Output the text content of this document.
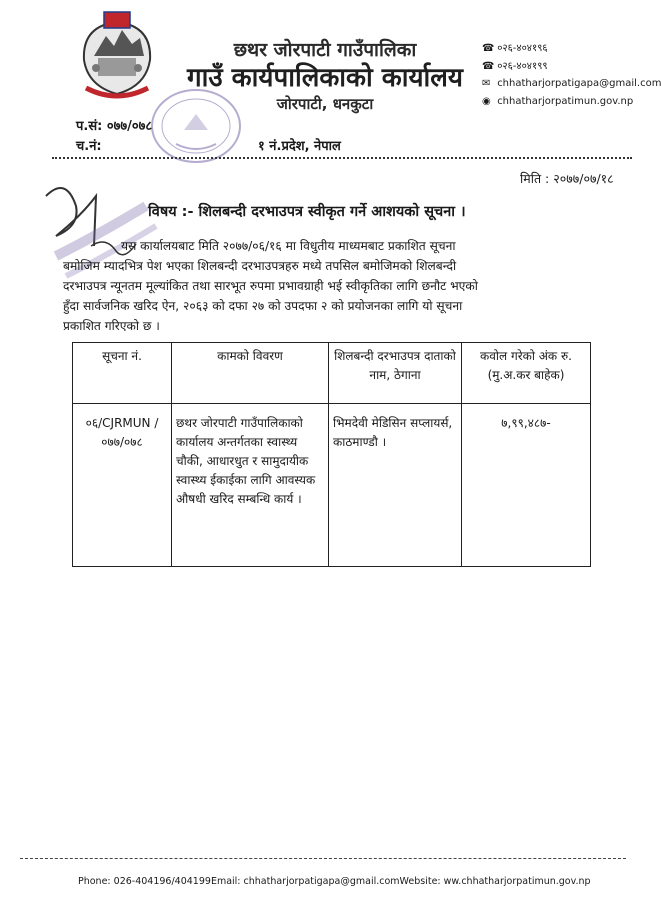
छथर जोरपाटी गाउँपालिका
गाउँ कार्यपालिकाको कार्यालय
जोरपाटी, धनकुटा
☎ ०२६-४०४१९६
☎ ०२६-४०४१९९
✉ chhatharjorpatigapa@gmail.com
◉ chhatharjorpatimun.gov.np
प.सं: ०७७/०७८
च.नं:	१ नं.प्रदेश, नेपाल
मिति : २०७७/०७/१८
विषय :- शिलबन्दी दरभाउपत्र स्वीकृत गर्ने आशयको सूचना ।
यस कार्यालयबाट मिति २०७७/०६/१६ मा विधुतीय माध्यमबाट प्रकाशित सूचना
बमोजिम म्यादभित्र पेश भएका शिलबन्दी दरभाउपत्रहरु मध्ये तपसिल बमोजिमको शिलबन्दी
दरभाउपत्र न्यूनतम मूल्यांकित तथा सारभूत रुपमा प्रभावग्राही भई स्वीकृतिका लागि छनौट भएको
हुँदा सार्वजनिक खरिद ऐन, २०६३ को दफा २७ को उपदफा २ को प्रयोजनका लागि यो सूचना
प्रकाशित गरिएको छ ।
सूचना नं.	कामको विवरण	शिलबन्दी दरभाउपत्र दाताको नाम, ठेगाना	कवोल गरेको अंक रु. (मु.अ.कर बाहेक)
०६/CJRMUN /०७७/०७८	छथर जोरपाटी गाउँपालिकाको कार्यालय अन्तर्गतका स्वास्थ्य चौकी, आधारधुत र सामुदायीक स्वास्थ्य ईकाईका लागि आवस्यक औषधी खरिद सम्बन्धि कार्य ।	भिमदेवी मेडिसिन सप्लायर्स, काठमाण्डौ ।	७,९९,४८७-
Phone: 026-404196/404199Email: chhatharjorpatigapa@gmail.comWebsite: ww.chhatharjorpatimun.gov.np
